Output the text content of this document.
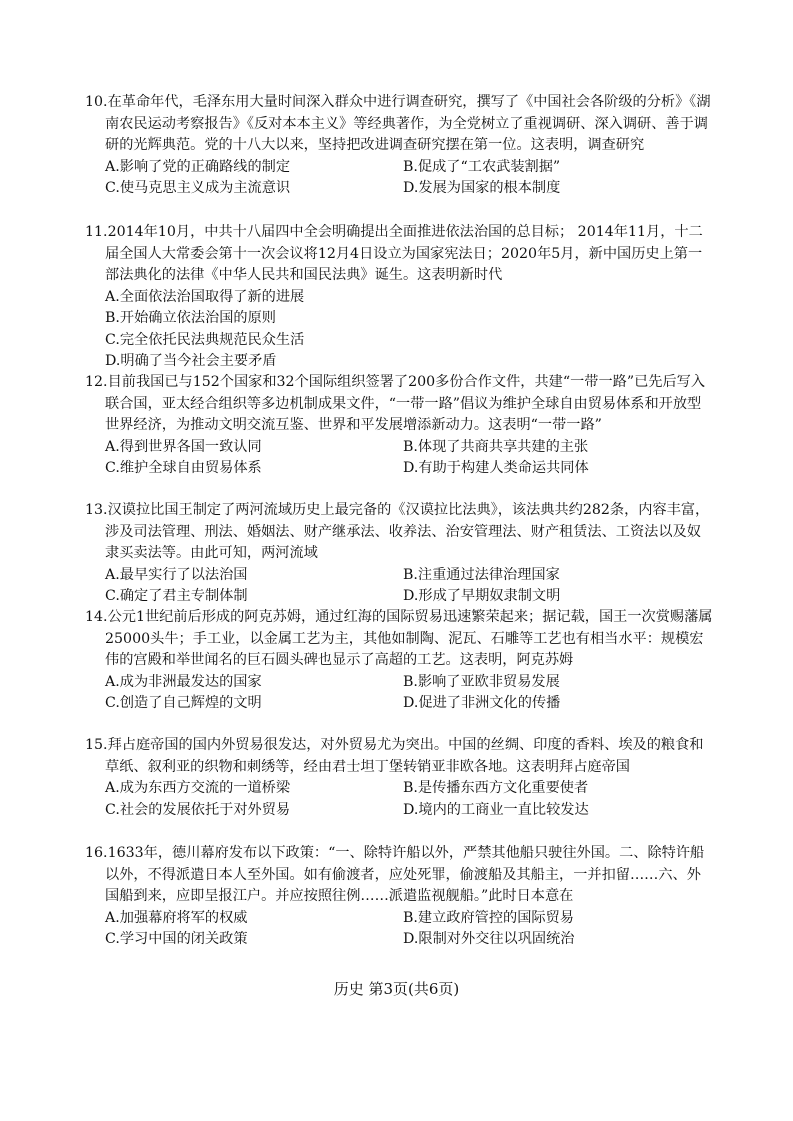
10.在革命年代，毛泽东用大量时间深入群众中进行调查研究，撰写了《中国社会各阶级的分析》《湖南农民运动考察报告》《反对本本主义》等经典著作，为全党树立了重视调研、深入调研、善于调研的光辉典范。党的十八大以来，坚持把改进调查研究摆在第一位。这表明，调查研究

A.影响了党的正确路线的制定	B.促成了“工农武装割据”
C.使马克思主义成为主流意识	D.发展为国家的根本制度

11.2014年10月，中共十八届四中全会明确提出全面推进依法治国的总目标； 2014年11月，十二届全国人大常委会第十一次会议将12月4日设立为国家宪法日；2020年5月，新中国历史上第一部法典化的法律《中华人民共和国民法典》诞生。这表明新时代

A.全面依法治国取得了新的进展
B.开始确立依法治国的原则
C.完全依托民法典规范民众生活
D.明确了当今社会主要矛盾

12.目前我国已与152个国家和32个国际组织签署了200多份合作文件，共建“一带一路”已先后写入联合国，亚太经合组织等多边机制成果文件，“一带一路”倡议为维护全球自由贸易体系和开放型世界经济，为推动文明交流互鉴、世界和平发展增添新动力。这表明“一带一路”

A.得到世界各国一致认同	B.体现了共商共享共建的主张
C.维护全球自由贸易体系	D.有助于构建人类命运共同体

13.汉谟拉比国王制定了两河流域历史上最完备的《汉谟拉比法典》，该法典共约282条，内容丰富，涉及司法管理、刑法、婚姻法、财产继承法、收养法、治安管理法、财产租赁法、工资法以及奴隶买卖法等。由此可知，两河流域

A.最早实行了以法治国	B.注重通过法律治理国家
C.确定了君主专制体制	D.形成了早期奴隶制文明

14.公元1世纪前后形成的阿克苏姆，通过红海的国际贸易迅速繁荣起来；据记载，国王一次赏赐藩属 25000头牛；手工业，以金属工艺为主，其他如制陶、泥瓦、石雕等工艺也有相当水平：规模宏伟的宫殿和举世闻名的巨石圆头碑也显示了高超的工艺。这表明，阿克苏姆

A.成为非洲最发达的国家	B.影响了亚欧非贸易发展
C.创造了自己辉煌的文明	D.促进了非洲文化的传播

15.拜占庭帝国的国内外贸易很发达，对外贸易尤为突出。中国的丝绸、印度的香料、埃及的粮食和草纸、叙利亚的织物和刺绣等，经由君士坦丁堡转销亚非欧各地。这表明拜占庭帝国

A.成为东西方交流的一道桥梁	B.是传播东西方文化重要使者
C.社会的发展依托于对外贸易	D.境内的工商业一直比较发达

16.1633年，德川幕府发布以下政策：“一、除特许船以外，严禁其他船只驶往外国。二、除特许船以外，不得派遣日本人至外国。如有偷渡者，应处死罪，偷渡船及其船主，一并扣留……六、外国船到来，应即呈报江户。并应按照往例……派遣监视舰船。”此时日本意在

A.加强幕府将军的权威	B.建立政府管控的国际贸易
C.学习中国的闭关政策	D.限制对外交往以巩固统治
历史 第3页(共6页)
